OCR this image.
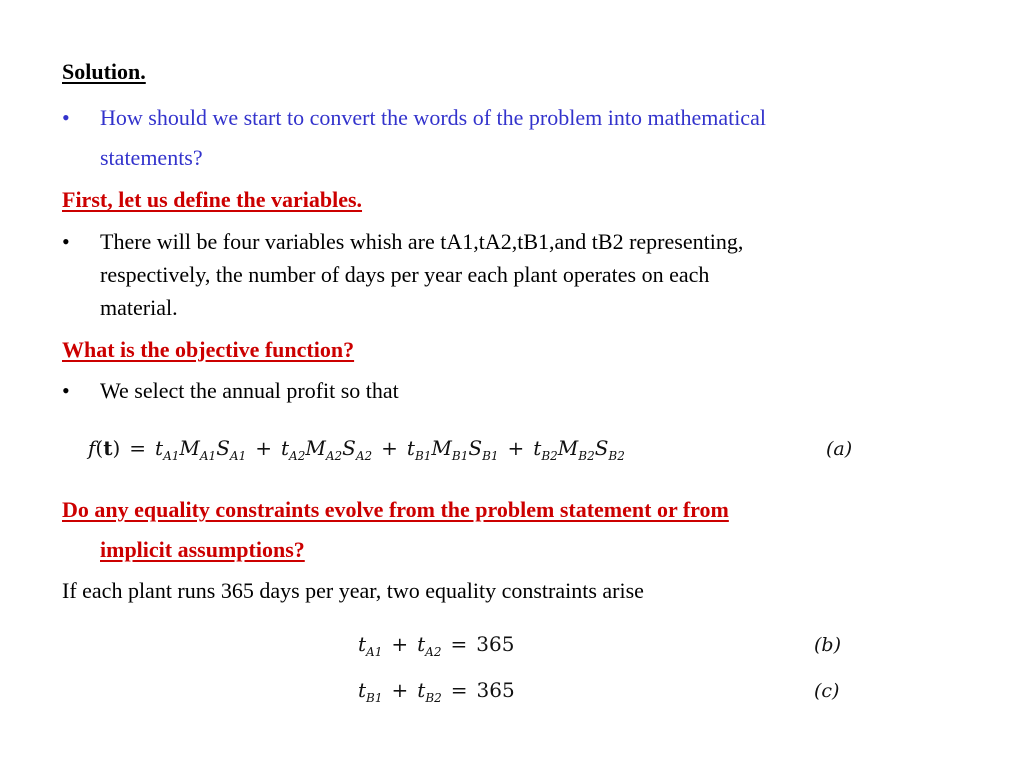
Solution.
• How should we start to convert the words of the problem into mathematical
statements?
First, let us define the variables.
• There will be four variables whish are tA1,tA2,tB1,and tB2 representing,
respectively, the number of days per year each plant operates on each
material.
What is the objective function?
• We select the annual profit so that
$f(t) = t_{A1}M_{A1}S_{A1} + t_{A2}M_{A2}S_{A2} + t_{B1}M_{B1}S_{B1} + t_{B2}M_{B2}S_{B2}$	(a)
Do any equality constraints evolve from the problem statement or from
implicit assumptions?
If each plant runs 365 days per year, two equality constraints arise
$t_{A1} + t_{A2} = 365$	(b)
$t_{B1} + t_{B2} = 365$	(c)
